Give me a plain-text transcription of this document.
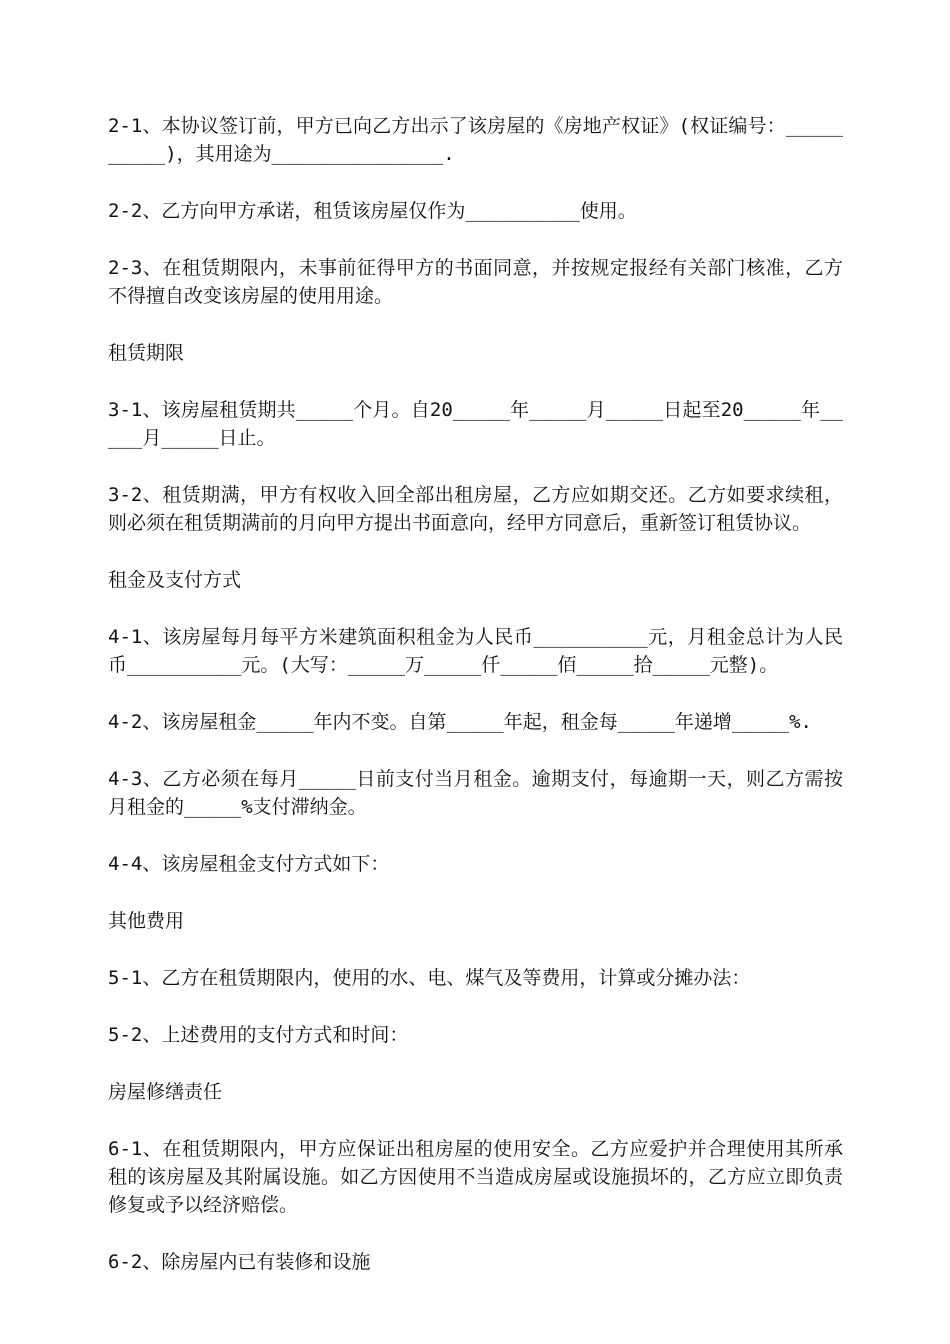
2-1、本协议签订前，甲方已向乙方出示了该房屋的《房地产权证》(权证编号：__________)，其用途为_______________.

2-2、乙方向甲方承诺，租赁该房屋仅作为__________使用。

2-3、在租赁期限内，未事前征得甲方的书面同意，并按规定报经有关部门核准，乙方不得擅自改变该房屋的使用用途。

租赁期限

3-1、该房屋租赁期共_____个月。自20_____年_____月_____日起至20_____年_____月_____日止。

3-2、租赁期满，甲方有权收入回全部出租房屋，乙方应如期交还。乙方如要求续租，则必须在租赁期满前的月向甲方提出书面意向，经甲方同意后，重新签订租赁协议。

租金及支付方式

4-1、该房屋每月每平方米建筑面积租金为人民币__________元，月租金总计为人民币__________元。(大写：_____万_____仟_____佰_____拾_____元整)。

4-2、该房屋租金_____年内不变。自第_____年起，租金每_____年递增_____%.

4-3、乙方必须在每月_____日前支付当月租金。逾期支付，每逾期一天，则乙方需按月租金的_____%支付滞纳金。

4-4、该房屋租金支付方式如下：

其他费用

5-1、乙方在租赁期限内，使用的水、电、煤气及等费用，计算或分摊办法：

5-2、上述费用的支付方式和时间：

房屋修缮责任

6-1、在租赁期限内，甲方应保证出租房屋的使用安全。乙方应爱护并合理使用其所承租的该房屋及其附属设施。如乙方因使用不当造成房屋或设施损坏的，乙方应立即负责修复或予以经济赔偿。

6-2、除房屋内已有装修和设施
